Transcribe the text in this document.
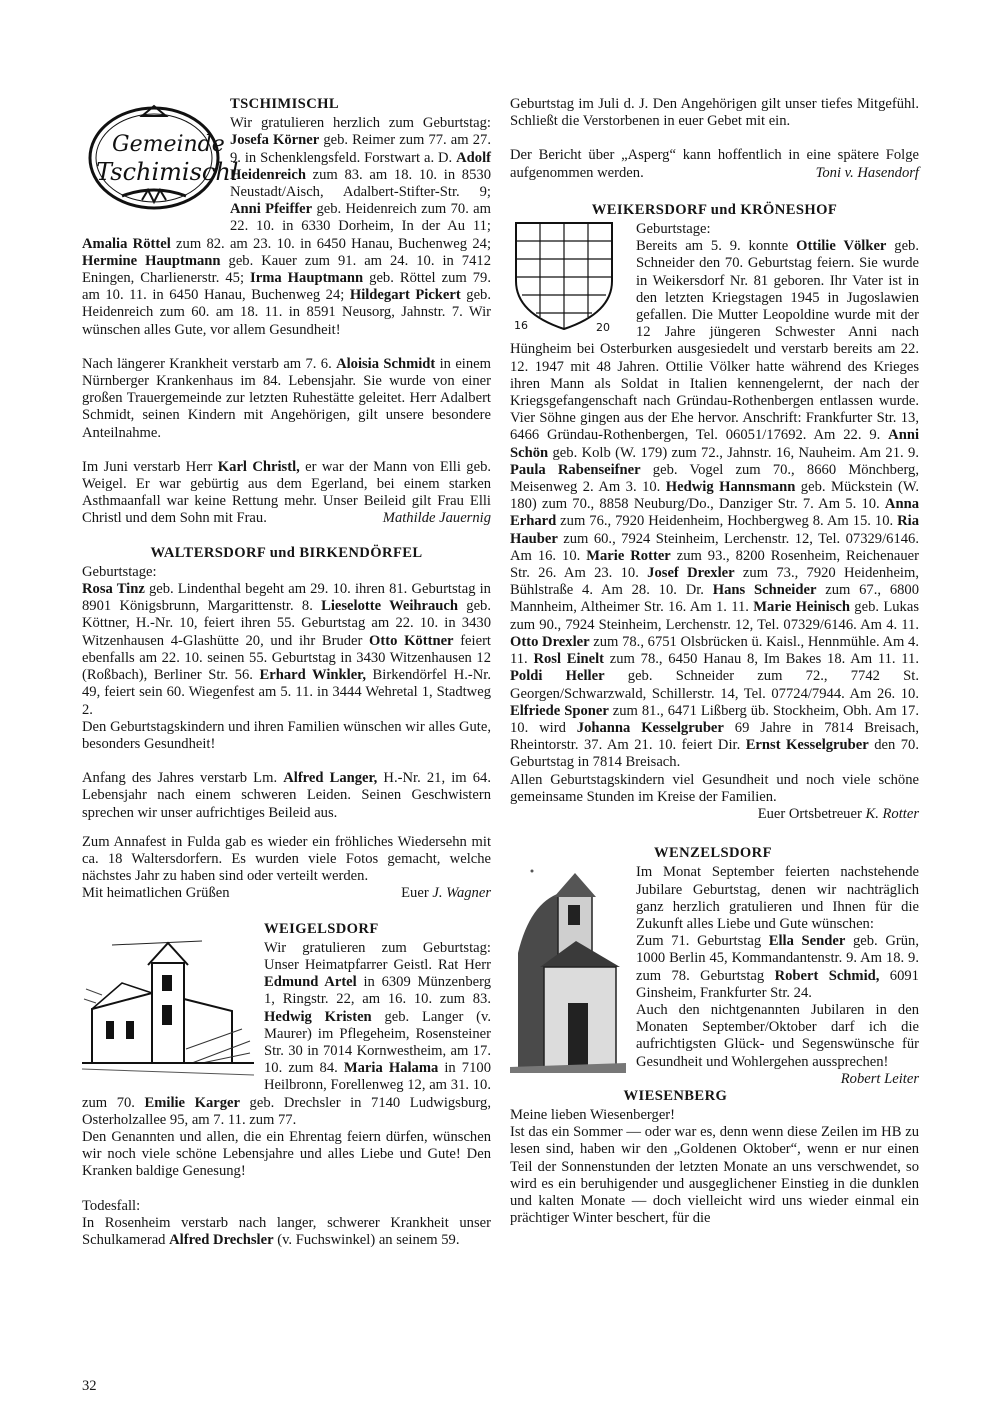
Gemeinde
Tschimischl
TSCHIMISCHL

Wir gratulieren herzlich zum Geburtstag: Josefa Körner geb. Reimer zum 77. am 27. 9. in Schenklengsfeld. Forstwart a. D. Adolf Heidenreich zum 83. am 18. 10. in 8530 Neustadt/Aisch, Adalbert-Stifter-Str. 9; Anni Pfeiffer geb. Heidenreich zum 70. am 22. 10. in 6330 Dorheim, In der Au 11; Amalia Röttel zum 82. am 23. 10. in 6450 Hanau, Buchenweg 24; Hermine Hauptmann geb. Kauer zum 91. am 24. 10. in 7412 Eningen, Charlienerstr. 45; Irma Hauptmann geb. Röttel zum 79. am 10. 11. in 6450 Hanau, Buchenweg 24; Hildegart Pickert geb. Heidenreich zum 60. am 18. 11. in 8591 Neusorg, Jahnstr. 7. Wir wünschen alles Gute, vor allem Gesundheit!

Nach längerer Krankheit verstarb am 7. 6. Aloisia Schmidt in einem Nürnberger Krankenhaus im 84. Lebensjahr. Sie wurde von einer großen Trauergemeinde zur letzten Ruhestätte geleitet. Herr Adalbert Schmidt, seinen Kindern mit Angehörigen, gilt unsere besondere Anteilnahme.

Im Juni verstarb Herr Karl Christl, er war der Mann von Elli geb. Weigel. Er war gebürtig aus dem Egerland, bei einem starken Asthmaanfall war keine Rettung mehr. Unser Beileid gilt Frau Elli Christl und dem Sohn mit Frau.	Mathilde Jauernig

WALTERSDORF und BIRKENDÖRFEL

Geburtstage:
Rosa Tinz geb. Lindenthal begeht am 29. 10. ihren 81. Geburtstag in 8901 Königsbrunn, Margarittenstr. 8. Lieselotte Weihrauch geb. Köttner, H.-Nr. 10, feiert ihren 55. Geburtstag am 22. 10. in 3430 Witzenhausen 4-Glashütte 20, und ihr Bruder Otto Köttner feiert ebenfalls am 22. 10. seinen 55. Geburtstag in 3430 Witzenhausen 12 (Roßbach), Berliner Str. 56. Erhard Winkler, Birkendörfel H.-Nr. 49, feiert sein 60. Wiegenfest am 5. 11. in 3444 Wehretal 1, Stadtweg 2.
Den Geburtstagskindern und ihren Familien wünschen wir alles Gute, besonders Gesundheit!

Anfang des Jahres verstarb Lm. Alfred Langer, H.-Nr. 21, im 64. Lebensjahr nach einem schweren Leiden. Seinen Geschwistern sprechen wir unser aufrichtiges Beileid aus.

Zum Annafest in Fulda gab es wieder ein fröhliches Wiedersehn mit ca. 18 Waltersdorfern. Es wurden viele Fotos gemacht, welche nächstes Jahr zu haben sind oder verteilt werden.

Mit heimatlichen Grüßen	Euer J. Wagner
WEIGELSDORF

Wir gratulieren zum Geburtstag: Unser Heimatpfarrer Geistl. Rat Herr Edmund Artel in 6309 Münzenberg 1, Ringstr. 22, am 16. 10. zum 83. Hedwig Kristen geb. Langer (v. Maurer) im Pflegeheim, Rosensteiner Str. 30 in 7014 Kornwestheim, am 17. 10. zum 84. Maria Halama in 7100 Heilbronn, Forellenweg 12, am 31. 10. zum 70. Emilie Karger geb. Drechsler in 7140 Ludwigsburg, Osterholzallee 95, am 7. 11. zum 77.
Den Genannten und allen, die ein Ehrentag feiern dürfen, wünschen wir noch viele schöne Lebensjahre und alles Liebe und Gute! Den Kranken baldige Genesung!

Todesfall:
In Rosenheim verstarb nach langer, schwerer Krankheit unser Schulkamerad Alfred Drechsler (v. Fuchswinkel) an seinem 59.

Geburtstag im Juli d. J. Den Angehörigen gilt unser tiefes Mitgefühl. Schließt die Verstorbenen in euer Gebet mit ein.

Der Bericht über „Asperg“ kann hoffentlich in eine spätere Folge aufgenommen werden.	Toni v. Hasendorf

WEIKERSDORF und KRÖNESHOF
16	20

Geburtstage:
Bereits am 5. 9. konnte Ottilie Völker geb. Schneider den 70. Geburtstag feiern. Sie wurde in Weikersdorf Nr. 81 geboren. Ihr Vater ist in den letzten Kriegstagen 1945 in Jugoslawien gefallen. Die Mutter Leopoldine wurde mit der 12 Jahre jüngeren Schwester Anni nach Hüngheim bei Osterburken ausgesiedelt und verstarb bereits am 22. 12. 1947 mit 48 Jahren. Ottilie Völker hatte während des Krieges ihren Mann als Soldat in Italien kennengelernt, der nach der Kriegsgefangenschaft nach Gründau-Rothenbergen entlassen wurde. Vier Söhne gingen aus der Ehe hervor. Anschrift: Frankfurter Str. 13, 6466 Gründau-Rothenbergen, Tel. 06051/17692. Am 22. 9. Anni Schön geb. Kolb (W. 179) zum 72., Jahnstr. 16, Nauheim. Am 21. 9. Paula Rabenseifner geb. Vogel zum 70., 8660 Mönchberg, Meisenweg 2. Am 3. 10. Hedwig Hannsmann geb. Mückstein (W. 180) zum 70., 8858 Neuburg/Do., Danziger Str. 7. Am 5. 10. Anna Erhard zum 76., 7920 Heidenheim, Hochbergweg 8. Am 15. 10. Ria Hauber zum 60., 7924 Steinheim, Lerchenstr. 12, Tel. 07329/6146. Am 16. 10. Marie Rotter zum 93., 8200 Rosenheim, Reichenauer Str. 26. Am 23. 10. Josef Drexler zum 73., 7920 Heidenheim, Bühlstraße 4. Am 28. 10. Dr. Hans Schneider zum 67., 6800 Mannheim, Altheimer Str. 16. Am 1. 11. Marie Heinisch geb. Lukas zum 90., 7924 Steinheim, Lerchenstr. 12, Tel. 07329/6146. Am 4. 11. Otto Drexler zum 78., 6751 Olsbrücken ü. Kaisl., Hennmühle. Am 4. 11. Rosl Einelt zum 78., 6450 Hanau 8, Im Bakes 18. Am 11. 11. Poldi Heller geb. Schneider zum 72., 7742 St. Georgen/Schwarzwald, Schillerstr. 14, Tel. 07724/7944. Am 26. 10. Elfriede Sponer zum 81., 6471 Lißberg üb. Stockheim, Obh. Am 17. 10. wird Johanna Kesselgruber 69 Jahre in 7814 Breisach, Rheintorstr. 37. Am 21. 10. feiert Dir. Ernst Kesselgruber den 70. Geburtstag in 7814 Breisach.
Allen Geburtstagskindern viel Gesundheit und noch viele schöne gemeinsame Stunden im Kreise der Familien.

Euer Ortsbetreuer K. Rotter
WENZELSDORF

Im Monat September feierten nachstehende Jubilare Geburtstag, denen wir nachträglich ganz herzlich gratulieren und Ihnen für die Zukunft alles Liebe und Gute wünschen:
Zum 71. Geburtstag Ella Sender geb. Grün, 1000 Berlin 45, Kommandantenstr. 9. Am 18. 9. zum 78. Geburtstag Robert Schmid, 6091 Ginsheim, Frankfurter Str. 24.
Auch den nichtgenannten Jubilaren in den Monaten September/Oktober darf ich die aufrichtigsten Glück- und Segenswünsche für Gesundheit und Wohlergehen aussprechen!
Robert Leiter

WIESENBERG
Meine lieben Wiesenberger!

Ist das ein Sommer — oder war es, denn wenn diese Zeilen im HB zu lesen sind, haben wir den „Goldenen Oktober“, wenn er nur einen Teil der Sonnenstunden der letzten Monate an uns verschwendet, so wird es ein beruhigender und ausgeglichener Einstieg in die dunklen und kalten Monate — doch vielleicht wird uns wieder einmal ein prächtiger Winter beschert, für die

32
